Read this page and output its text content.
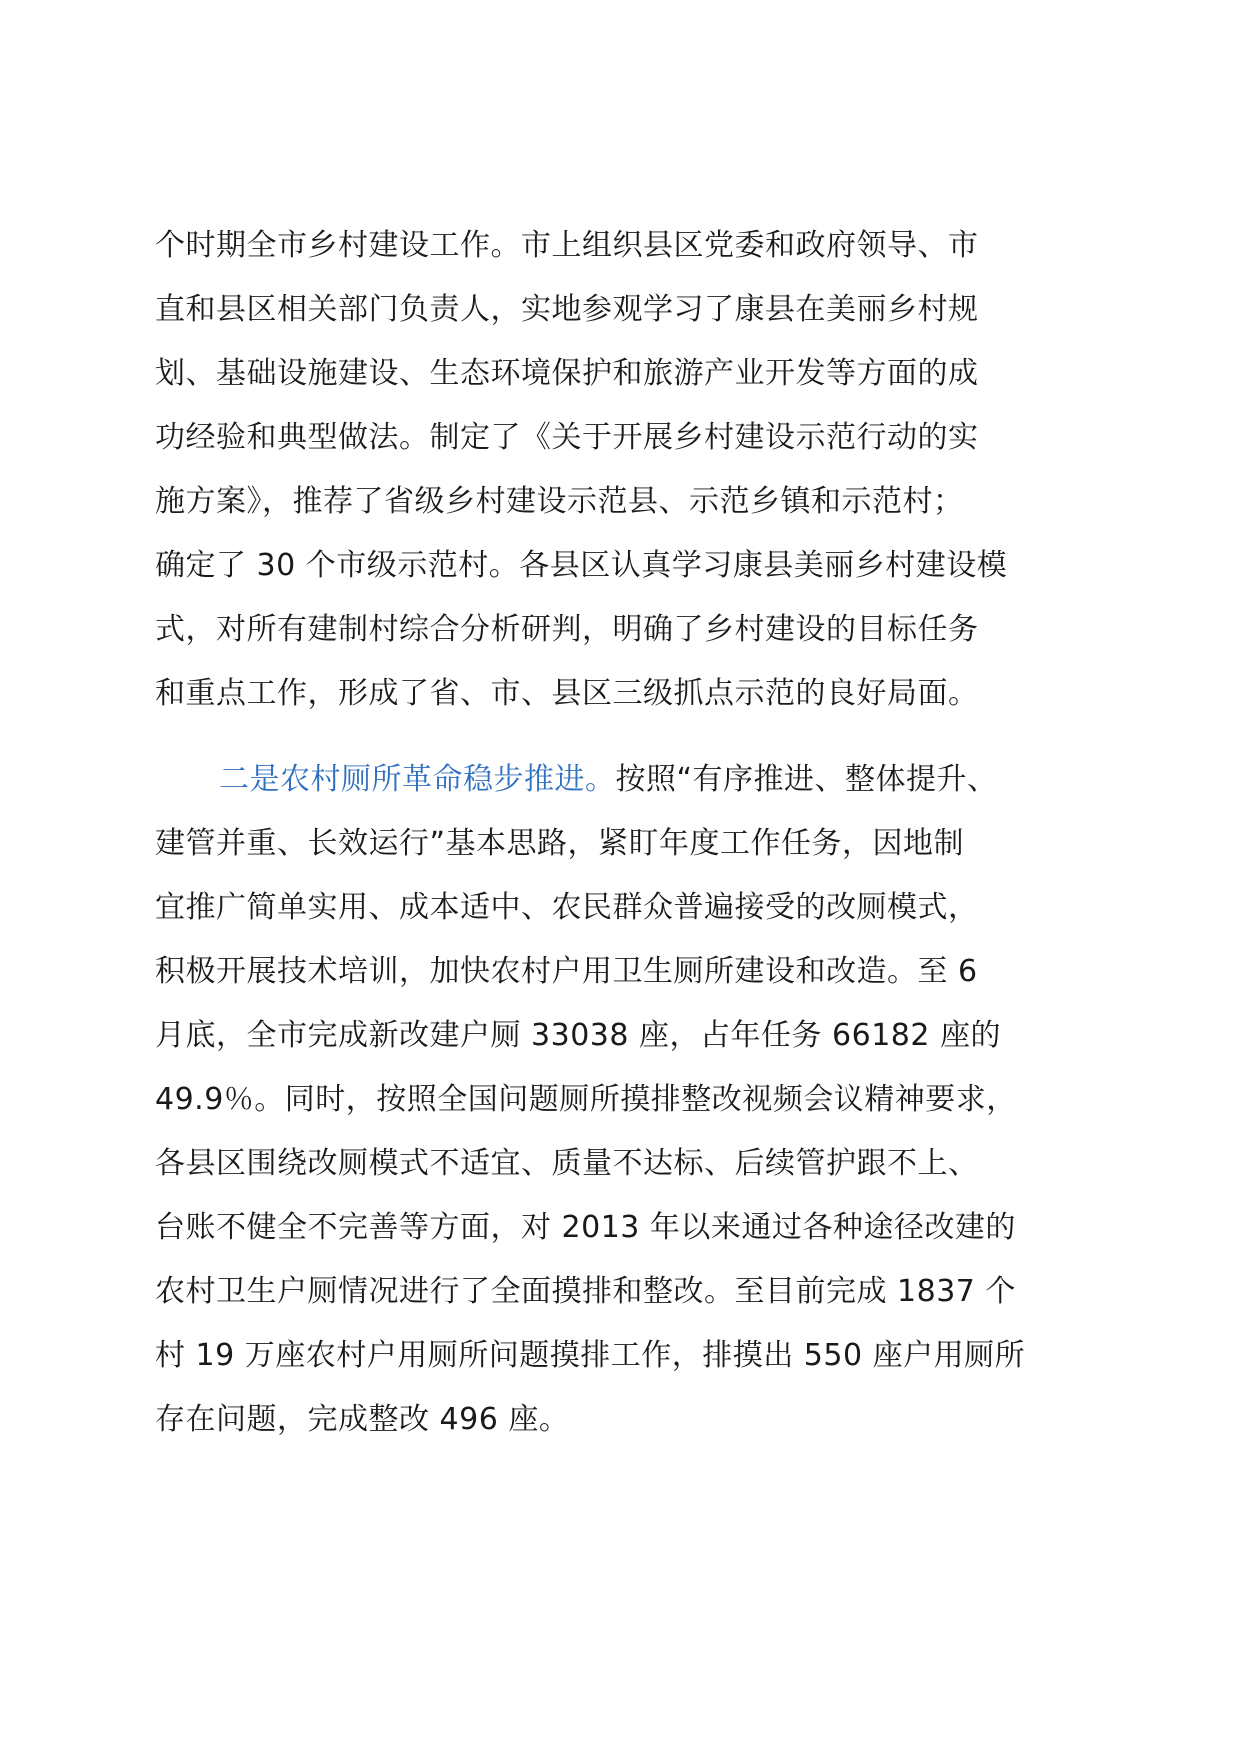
个时期全市乡村建设工作。市上组织县区党委和政府领导、市
直和县区相关部门负责人，实地参观学习了康县在美丽乡村规
划、基础设施建设、生态环境保护和旅游产业开发等方面的成
功经验和典型做法。制定了《关于开展乡村建设示范行动的实
施方案》，推荐了省级乡村建设示范县、示范乡镇和示范村；
确定了 30 个市级示范村。各县区认真学习康县美丽乡村建设模
式，对所有建制村综合分析研判，明确了乡村建设的目标任务
和重点工作，形成了省、市、县区三级抓点示范的良好局面。
二是农村厕所革命稳步推进。按照“有序推进、整体提升、
建管并重、长效运行”基本思路，紧盯年度工作任务，因地制
宜推广简单实用、成本适中、农民群众普遍接受的改厕模式，
积极开展技术培训，加快农村户用卫生厕所建设和改造。至 6
月底，全市完成新改建户厕 33038 座，占年任务 66182 座的
49.9％。同时，按照全国问题厕所摸排整改视频会议精神要求，
各县区围绕改厕模式不适宜、质量不达标、后续管护跟不上、
台账不健全不完善等方面，对 2013 年以来通过各种途径改建的
农村卫生户厕情况进行了全面摸排和整改。至目前完成 1837 个
村 19 万座农村户用厕所问题摸排工作，排摸出 550 座户用厕所
存在问题，完成整改 496 座。
